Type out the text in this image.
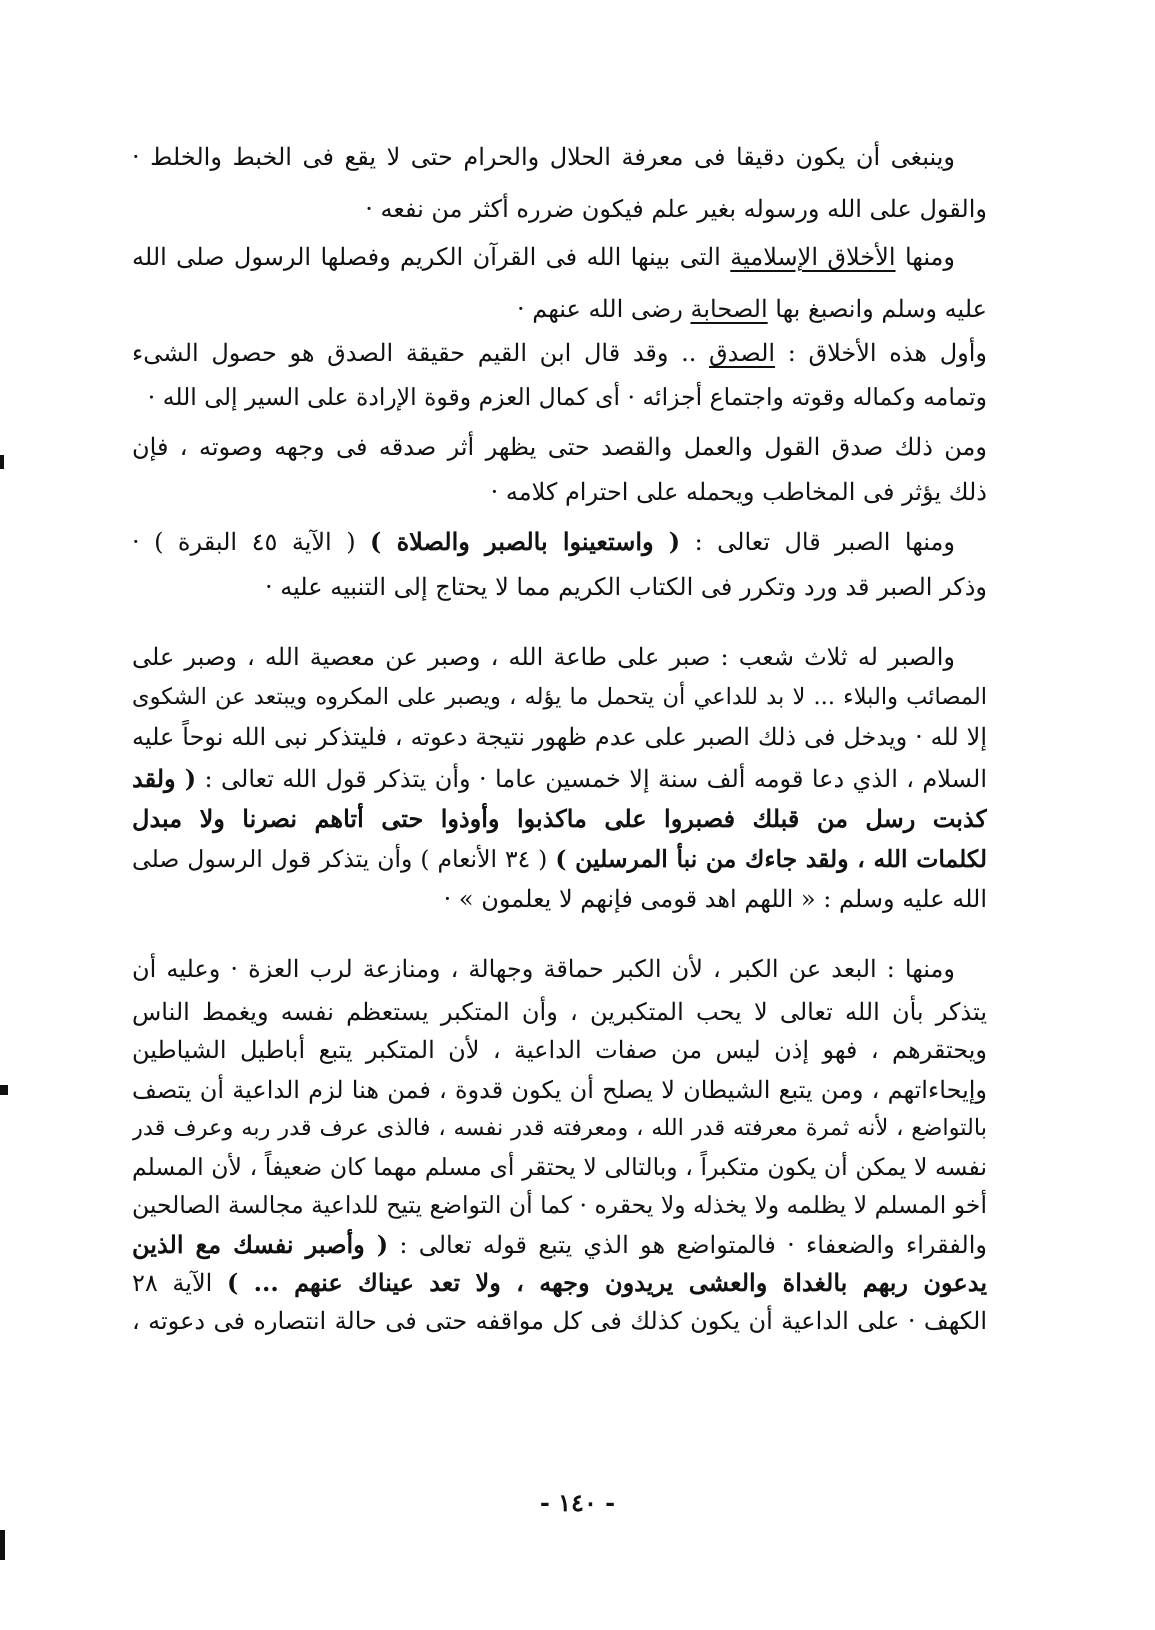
وينبغى أن يكون دقيقا فى معرفة الحلال والحرام حتى لا يقع فى الخبط والخلط ·
والقول على الله ورسوله بغير علم فيكون ضرره أكثر من نفعه ·
ومنها الأخلاق الإسلامية التى بينها الله فى القرآن الكريم وفصلها الرسول صلى الله
عليه وسلم وانصبغ بها الصحابة رضى الله عنهم ·
وأول هذه الأخلاق : الصدق .. وقد قال ابن القيم حقيقة الصدق هو حصول الشىء
وتمامه وكماله وقوته واجتماع أجزائه · أى كمال العزم وقوة الإرادة على السير إلى الله ·
ومن ذلك صدق القول والعمل والقصد حتى يظهر أثر صدقه فى وجهه وصوته ، فإن
ذلك يؤثر فى المخاطب ويحمله على احترام كلامه ·
ومنها الصبر قال تعالى : ( واستعينوا بالصبر والصلاة ) ( الآية ٤٥ البقرة ) ·
وذكر الصبر قد ورد وتكرر فى الكتاب الكريم مما لا يحتاج إلى التنبيه عليه ·
والصبر له ثلاث شعب : صبر على طاعة الله ، وصبر عن معصية الله ، وصبر على
المصائب والبلاء ... لا بد للداعي أن يتحمل ما يؤله ، ويصبر على المكروه ويبتعد عن الشكوى
إلا لله · ويدخل فى ذلك الصبر على عدم ظهور نتيجة دعوته ، فليتذكر نبى الله نوحاً عليه
السلام ، الذي دعا قومه ألف سنة إلا خمسين عاما · وأن يتذكر قول الله تعالى : ( ولقد
كذبت رسل من قبلك فصبروا على ماكذبوا وأوذوا حتى أتاهم نصرنا ولا مبدل
لكلمات الله ، ولقد جاءك من نبأ المرسلين ) ( ٣٤ الأنعام ) وأن يتذكر قول الرسول صلى
الله عليه وسلم : « اللهم اهد قومى فإنهم لا يعلمون » ·
ومنها : البعد عن الكبر ، لأن الكبر حماقة وجهالة ، ومنازعة لرب العزة · وعليه أن
يتذكر بأن الله تعالى لا يحب المتكبرين ، وأن المتكبر يستعظم نفسه ويغمط الناس
ويحتقرهم ، فهو إذن ليس من صفات الداعية ، لأن المتكبر يتبع أباطيل الشياطين
وإيحاءاتهم ، ومن يتبع الشيطان لا يصلح أن يكون قدوة ، فمن هنا لزم الداعية أن يتصف
بالتواضع ، لأنه ثمرة معرفته قدر الله ، ومعرفته قدر نفسه ، فالذى عرف قدر ربه وعرف قدر
نفسه لا يمكن أن يكون متكبراً ، وبالتالى لا يحتقر أى مسلم مهما كان ضعيفاً ، لأن المسلم
أخو المسلم لا يظلمه ولا يخذله ولا يحقره · كما أن التواضع يتيح للداعية مجالسة الصالحين
والفقراء والضعفاء · فالمتواضع هو الذي يتبع قوله تعالى : ( وأصبر نفسك مع الذين
يدعون ربهم بالغداة والعشى يريدون وجهه ، ولا تعد عيناك عنهم ... ) الآية ٢٨
الكهف · على الداعية أن يكون كذلك فى كل مواقفه حتى فى حالة انتصاره فى دعوته ،
- ١٤٠ -
